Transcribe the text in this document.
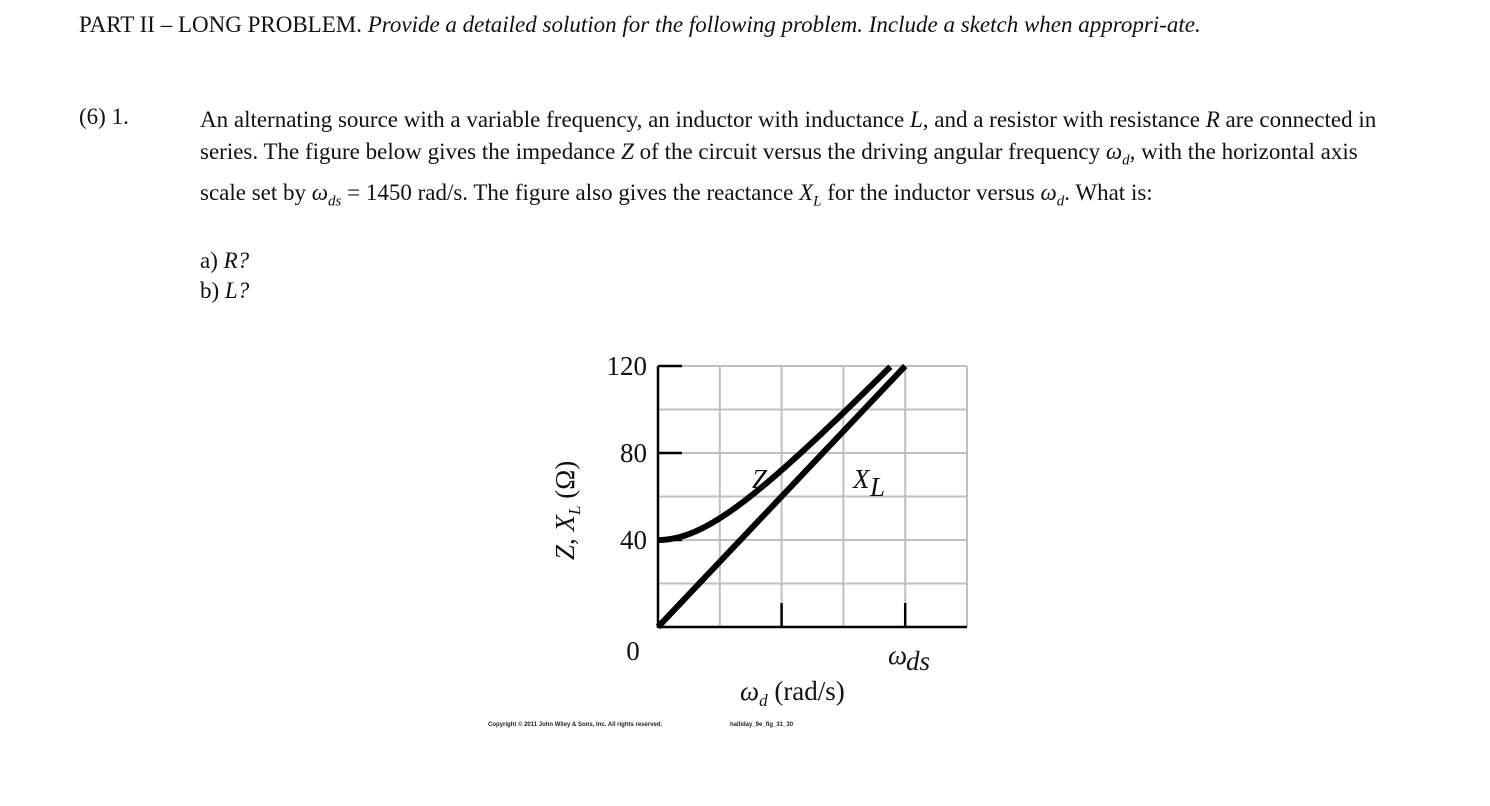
PART II – LONG PROBLEM. Provide a detailed solution for the following problem. Include a sketch when appropri-ate.
(6) 1.	An alternating source with a variable frequency, an inductor with inductance L, and a resistor with resistance R are connected in series. The figure below gives the impedance Z of the circuit versus the driving angular frequency $\omega_d$, with the horizontal axis scale set by $\omega_{ds} = 1450$ rad/s. The figure also gives the reactance $X_L$ for the inductor versus $\omega_d$. What is:
a) R?
b) L?
120
80
40
0
Z	X L
ω
ds
$\omega_d$ (rad/s)
Z, $X_L$ (Ω)
Copyright © 2011 John Wiley & Sons, Inc. All rights reserved.	halliday_9e_fig_31_30
